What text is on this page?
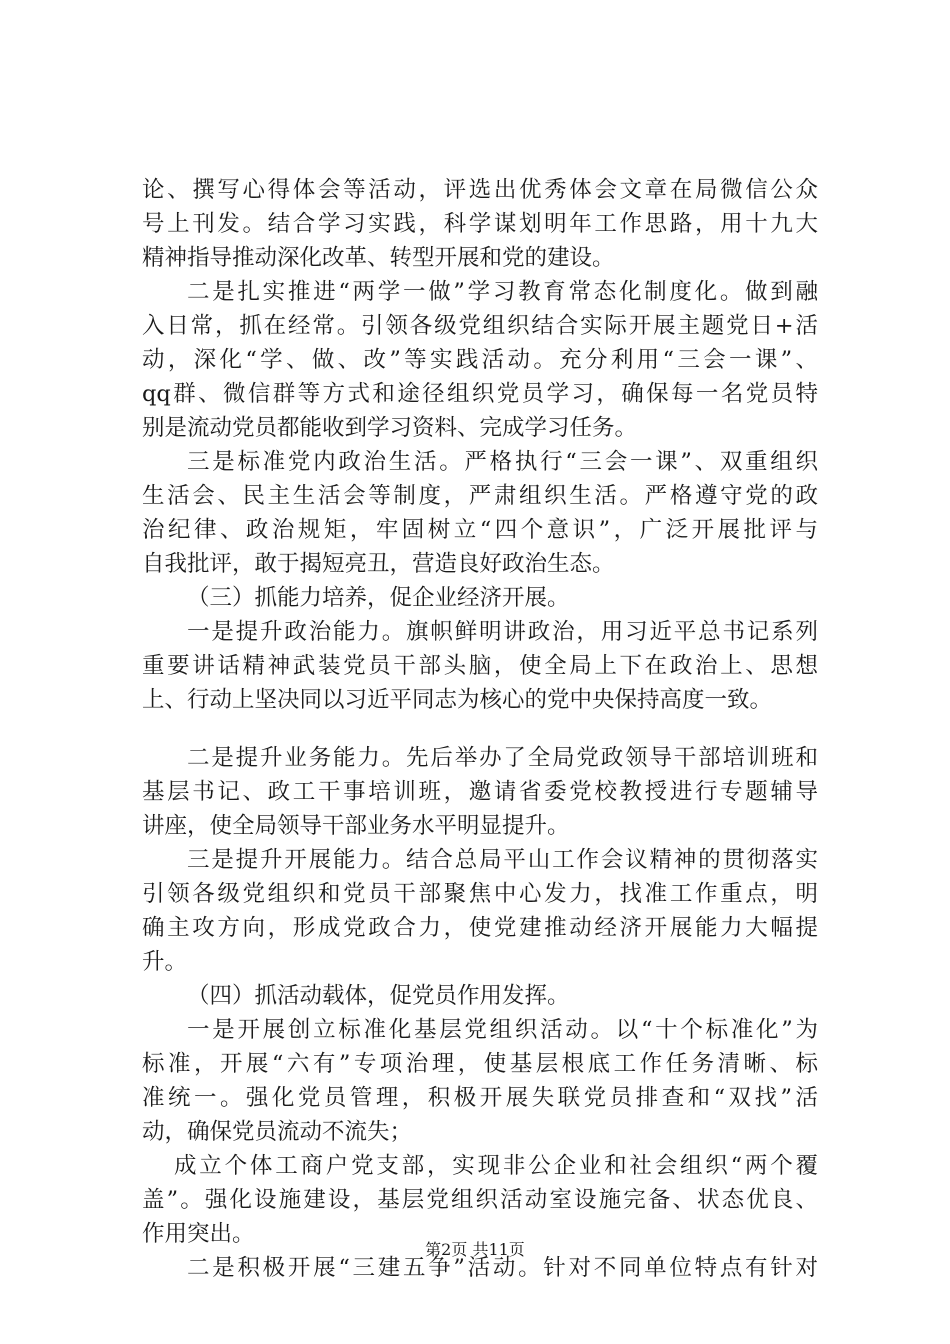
论、撰写心得体会等活动，评选出优秀体会文章在局微信公众
号上刊发。结合学习实践，科学谋划明年工作思路，用十九大
精神指导推动深化改革、转型开展和党的建设。
二是扎实推进“两学一做”学习教育常态化制度化。做到融
入日常，抓在经常。引领各级党组织结合实际开展主题党日+活
动，深化“学、做、改”等实践活动。充分利用“三会一课”、
qq群、微信群等方式和途径组织党员学习，确保每一名党员特
别是流动党员都能收到学习资料、完成学习任务。
三是标准党内政治生活。严格执行“三会一课”、双重组织
生活会、民主生活会等制度，严肃组织生活。严格遵守党的政
治纪律、政治规矩，牢固树立“四个意识”，广泛开展批评与
自我批评，敢于揭短亮丑，营造良好政治生态。
（三）抓能力培养，促企业经济开展。
一是提升政治能力。旗帜鲜明讲政治，用习近平总书记系列
重要讲话精神武装党员干部头脑，使全局上下在政治上、思想
上、行动上坚决同以习近平同志为核心的党中央保持高度一致。
二是提升业务能力。先后举办了全局党政领导干部培训班和
基层书记、政工干事培训班，邀请省委党校教授进行专题辅导
讲座，使全局领导干部业务水平明显提升。
三是提升开展能力。结合总局平山工作会议精神的贯彻落实
引领各级党组织和党员干部聚焦中心发力，找准工作重点，明
确主攻方向，形成党政合力，使党建推动经济开展能力大幅提
升。
（四）抓活动载体，促党员作用发挥。
一是开展创立标准化基层党组织活动。以“十个标准化”为
标准，开展“六有”专项治理，使基层根底工作任务清晰、标
准统一。强化党员管理，积极开展失联党员排查和“双找”活
动，确保党员流动不流失；
成立个体工商户党支部，实现非公企业和社会组织“两个覆
盖”。强化设施建设，基层党组织活动室设施完备、状态优良、
作用突出。
二是积极开展“三建五争”活动。针对不同单位特点有针对
第2页 共11页
